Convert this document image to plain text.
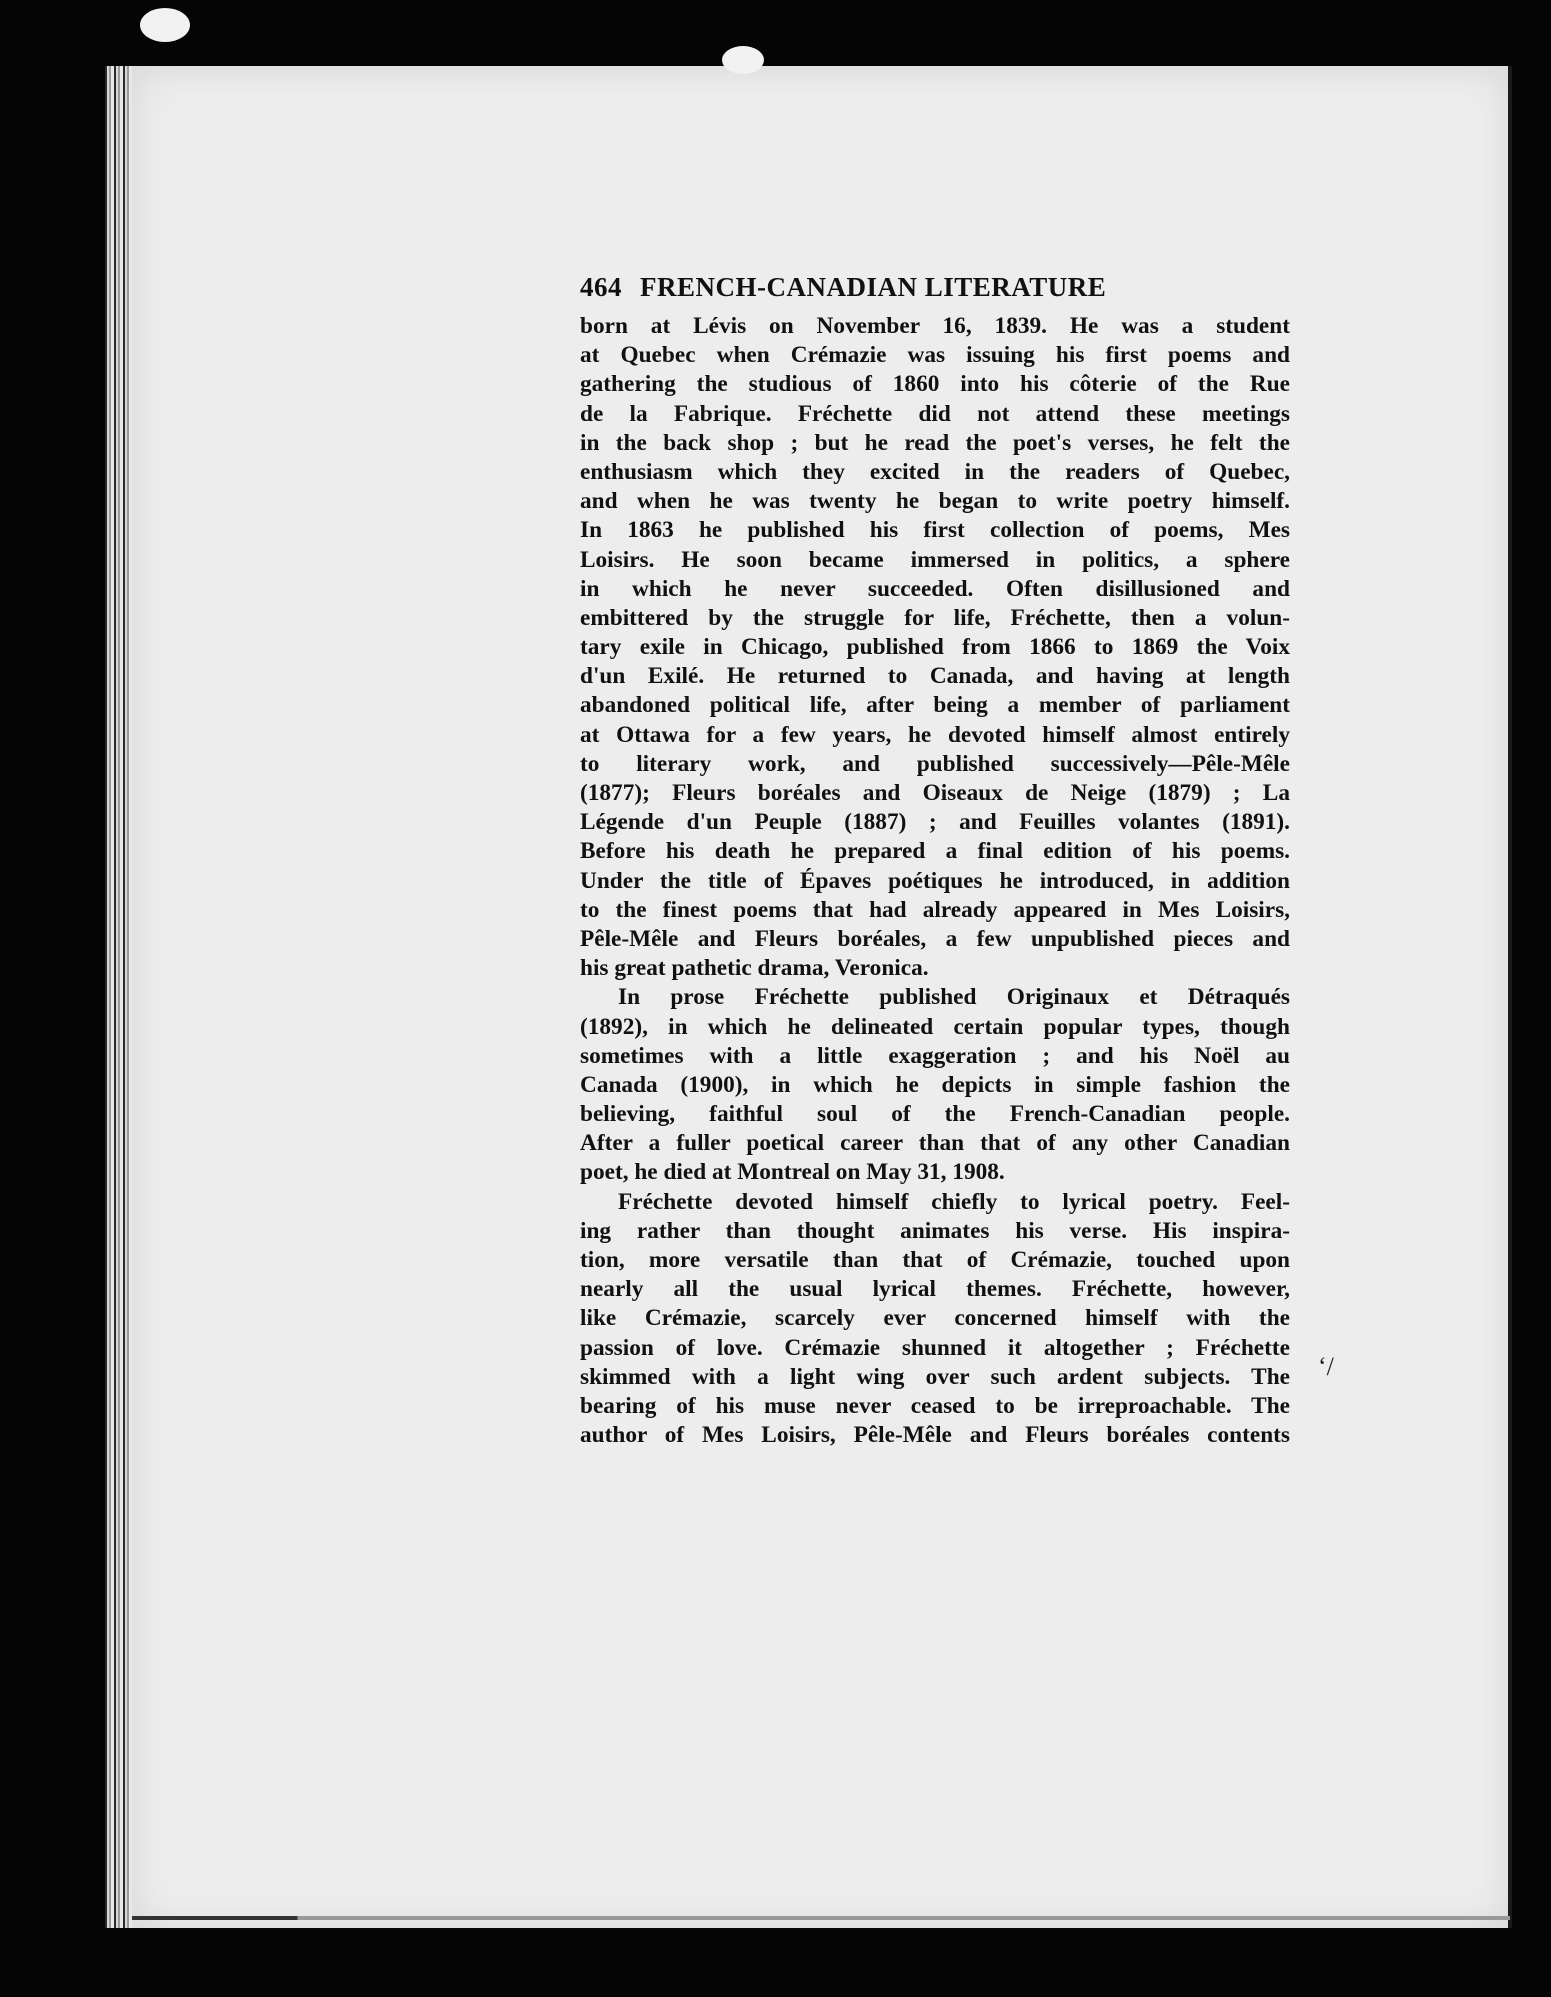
464 FRENCH-CANADIAN LITERATURE
born at Lévis on November 16, 1839. He was a student
at Quebec when Crémazie was issuing his first poems and
gathering the studious of 1860 into his côterie of the Rue
de la Fabrique. Fréchette did not attend these meetings
in the back shop ; but he read the poet's verses, he felt the
enthusiasm which they excited in the readers of Quebec,
and when he was twenty he began to write poetry himself.
In 1863 he published his first collection of poems, Mes
Loisirs. He soon became immersed in politics, a sphere
in which he never succeeded. Often disillusioned and
embittered by the struggle for life, Fréchette, then a volun-
tary exile in Chicago, published from 1866 to 1869 the Voix
d'un Exilé. He returned to Canada, and having at length
abandoned political life, after being a member of parliament
at Ottawa for a few years, he devoted himself almost entirely
to literary work, and published successively—Pêle-Mêle
(1877); Fleurs boréales and Oiseaux de Neige (1879) ; La
Légende d'un Peuple (1887) ; and Feuilles volantes (1891).
Before his death he prepared a final edition of his poems.
Under the title of Épaves poétiques he introduced, in addition
to the finest poems that had already appeared in Mes Loisirs,
Pêle-Mêle and Fleurs boréales, a few unpublished pieces and
his great pathetic drama, Veronica.
In prose Fréchette published Originaux et Détraqués
(1892), in which he delineated certain popular types, though
sometimes with a little exaggeration ; and his Noël au
Canada (1900), in which he depicts in simple fashion the
believing, faithful soul of the French-Canadian people.
After a fuller poetical career than that of any other Canadian
poet, he died at Montreal on May 31, 1908.
Fréchette devoted himself chiefly to lyrical poetry. Feel-
ing rather than thought animates his verse. His inspira-
tion, more versatile than that of Crémazie, touched upon
nearly all the usual lyrical themes. Fréchette, however,
like Crémazie, scarcely ever concerned himself with the
passion of love. Crémazie shunned it altogether ; Fréchette
skimmed with a light wing over such ardent subjects. The
bearing of his muse never ceased to be irreproachable. The
author of Mes Loisirs, Pêle-Mêle and Fleurs boréales contents
‘/
